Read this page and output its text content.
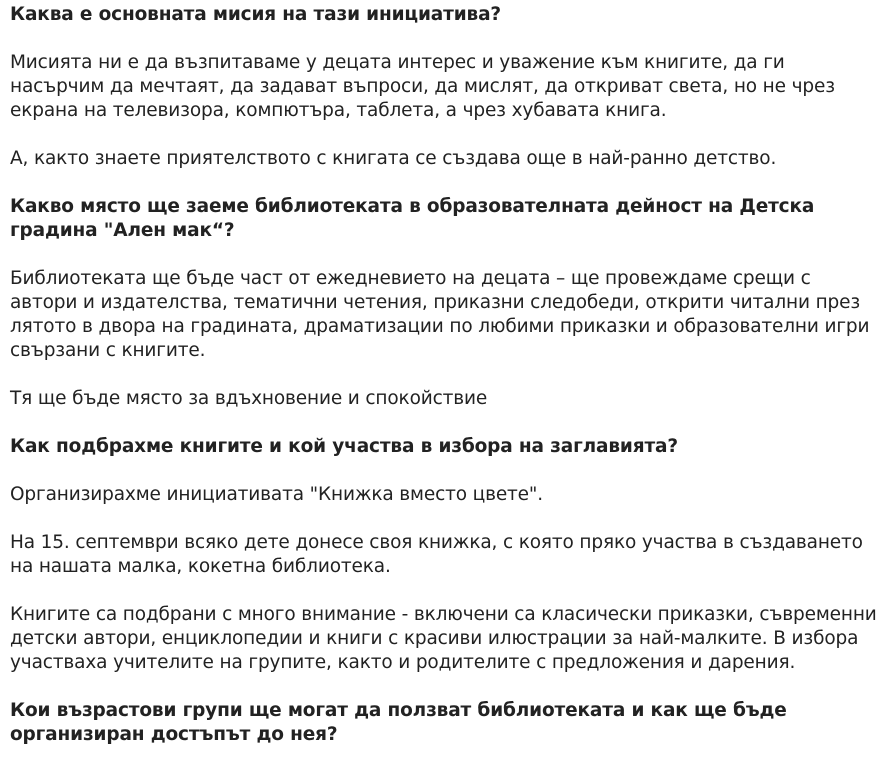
Каква е основната мисия на тази инициатива?
Мисията ни е да възпитаваме у децата интерес и уважение към книгите, да ги насърчим да мечтаят, да задават въпроси, да мислят, да откриват света, но не чрез екрана на телевизора, компютъра, таблета, а чрез хубавата книга.
А, както знаете приятелството с книгата се създава още в най-ранно детство.
Какво място ще заеме библиотеката в образователната дейност на Детска градина "Ален мак“?
Библиотеката ще бъде част от ежедневието на децата – ще провеждаме срещи с автори и издателства, тематични четения, приказни следобеди, открити читални през лятото в двора на градината, драматизации по любими приказки и образователни игри свързани с книгите.
Тя ще бъде място за вдъхновение и спокойствие
Как подбрахме книгите и кой участва в избора на заглавията?
Организирахме инициативата "Книжка вместо цвете".
На 15. септември всяко дете донесе своя книжка, с която пряко участва в създаването на нашата малка, кокетна библиотека.
Книгите са подбрани с много внимание - включени са класически приказки, съвременни детски автори, енциклопедии и книги с красиви илюстрации за най-малките. В избора участваха учителите на групите, както и родителите с предложения и дарения.
Кои възрастови групи ще могат да ползват библиотеката и как ще бъде организиран достъпът до нея?
